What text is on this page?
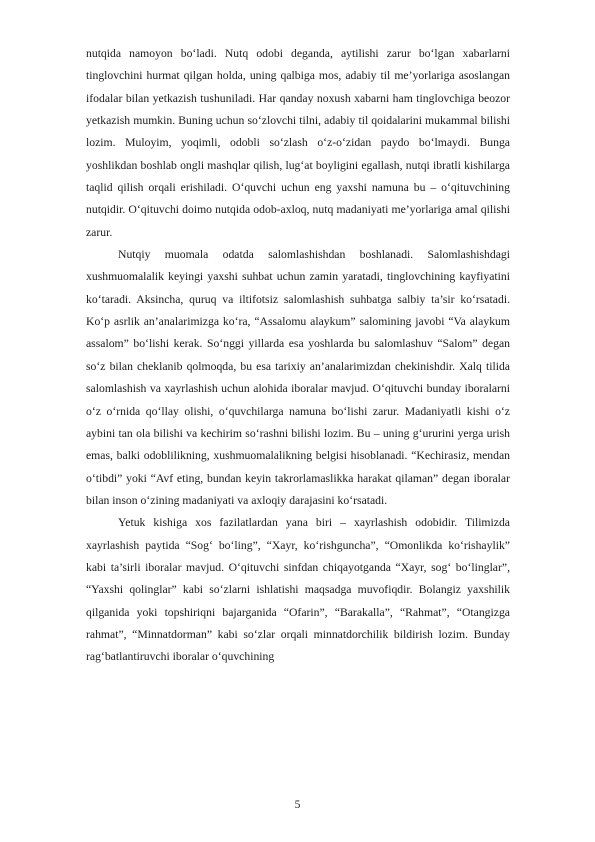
nutqida namoyon bo‘ladi. Nutq odobi deganda, aytilishi zarur bo‘lgan xabarlarni tinglovchini hurmat qilgan holda, uning qalbiga mos, adabiy til me’yorlariga asoslangan ifodalar bilan yetkazish tushuniladi. Har qanday noxush xabarni ham tinglovchiga beozor yetkazish mumkin. Buning uchun so‘zlovchi tilni, adabiy til qoidalarini mukammal bilishi lozim. Muloyim, yoqimli, odobli so‘zlash o‘z-o‘zidan paydo bo‘lmaydi. Bunga yoshlikdan boshlab ongli mashqlar qilish, lug‘at boyligini egallash, nutqi ibratli kishilarga taqlid qilish orqali erishiladi. O‘quvchi uchun eng yaxshi namuna bu – o‘qituvchining nutqidir. O‘qituvchi doimo nutqida odob-axloq, nutq madaniyati me’yorlariga amal qilishi zarur.

Nutqiy muomala odatda salomlashishdan boshlanadi. Salomlashishdagi xushmuomalalik keyingi yaxshi suhbat uchun zamin yaratadi, tinglovchining kayfiyatini ko‘taradi. Aksincha, quruq va iltifotsiz salomlashish suhbatga salbiy ta’sir ko‘rsatadi. Ko‘p asrlik an’analarimizga ko‘ra, “Assalomu alaykum” salomining javobi “Va alaykum assalom” bo‘lishi kerak. So‘nggi yillarda esa yoshlarda bu salomlashuv “Salom” degan so‘z bilan cheklanib qolmoqda, bu esa tarixiy an’analarimizdan chekinishdir. Xalq tilida salomlashish va xayrlashish uchun alohida iboralar mavjud. O‘qituvchi bunday iboralarni o‘z o‘rnida qo‘llay olishi, o‘quvchilarga namuna bo‘lishi zarur. Madaniyatli kishi o‘z aybini tan ola bilishi va kechirim so‘rashni bilishi lozim. Bu – uning g‘ururini yerga urish emas, balki odoblilikning, xushmuomalalikning belgisi hisoblanadi. “Kechirasiz, mendan o‘tibdi” yoki “Avf eting, bundan keyin takrorlamaslikka harakat qilaman” degan iboralar bilan inson o‘zining madaniyati va axloqiy darajasini ko‘rsatadi.

Yetuk kishiga xos fazilatlardan yana biri – xayrlashish odobidir. Tilimizda xayrlashish paytida “Sog‘ bo‘ling”, “Xayr, ko‘rishguncha”, “Omonlikda ko‘rishaylik” kabi ta’sirli iboralar mavjud. O‘qituvchi sinfdan chiqayotganda “Xayr, sog‘ bo‘linglar”, “Yaxshi qolinglar” kabi so‘zlarni ishlatishi maqsadga muvofiqdir. Bolangiz yaxshilik qilganida yoki topshiriqni bajarganida “Ofarin”, “Barakalla”, “Rahmat”, “Otangizga rahmat”, “Minnatdorman” kabi so‘zlar orqali minnatdorchilik bildirish lozim. Bunday rag‘batlantiruvchi iboralar o‘quvchining

5
